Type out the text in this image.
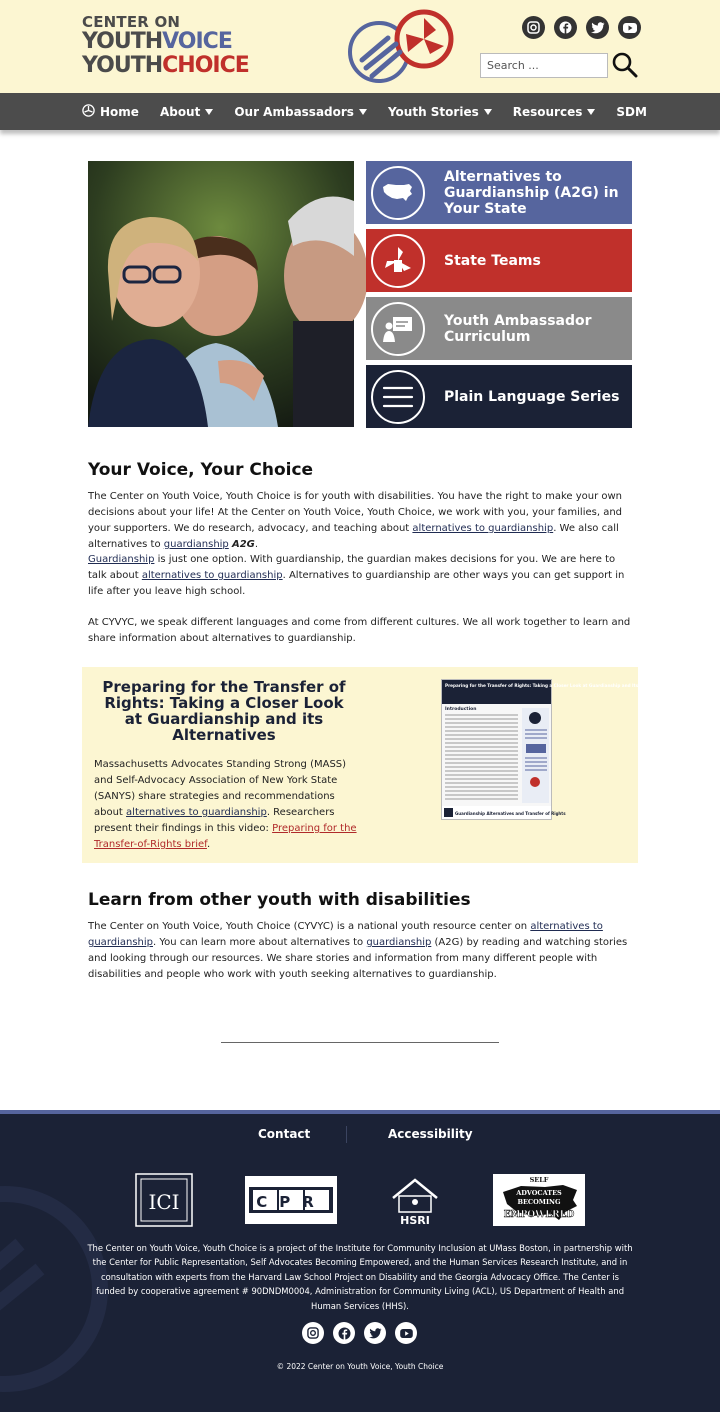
CENTER ON
YOUTHVOICE
YOUTHCHOICE
Search ...
Home About	Our Ambassadors	Youth Stories	Resources	SDM
Alternatives to Guardianship (A2G) in Your State
State Teams
Youth Ambassador Curriculum
Plain Language Series
Your Voice, Your Choice

The Center on Youth Voice, Youth Choice is for youth with disabilities. You have the right to make your own decisions about your life! At the Center on Youth Voice, Youth Choice, we work with you, your families, and your supporters. We do research, advocacy, and teaching about alternatives to guardianship. We also call alternatives to guardianship A2G.

Guardianship is just one option. With guardianship, the guardian makes decisions for you. We are here to talk about alternatives to guardianship. Alternatives to guardianship are other ways you can get support in life after you leave high school.

At CYVYC, we speak different languages and come from different cultures. We all work together to learn and share information about alternatives to guardianship.

Preparing for the Transfer of Rights: Taking a Closer Look at Guardianship and its Alternatives

Massachusetts Advocates Standing Strong (MASS) and Self-Advocacy Association of New York State (SANYS) share strategies and recommendations about alternatives to guardianship. Researchers present their findings in this video: Preparing for the Transfer-of-Rights brief.

Preparing for the Transfer of Rights: Taking a Closer Look at Guardianship and Its Alternatives
Introduction
Guardianship Alternatives and Transfer of Rights
Learn from other youth with disabilities

The Center on Youth Voice, Youth Choice (CYVYC) is a national youth resource center on alternatives to guardianship. You can learn more about alternatives to guardianship (A2G) by reading and watching stories and looking through our resources. We share stories and information from many different people with disabilities and people who work with youth seeking alternatives to guardianship.

Contact	Accessibility
ICI	CPR
HSRI
SELF
ADVOCATES
BECOMING
EMPOWERED

The Center on Youth Voice, Youth Choice is a project of the Institute for Community Inclusion at UMass Boston, in partnership with the Center for Public Representation, Self Advocates Becoming Empowered, and the Human Services Research Institute, and in consultation with experts from the Harvard Law School Project on Disability and the Georgia Advocacy Office. The Center is funded by cooperative agreement # 90DNDM0004, Administration for Community Living (ACL), US Department of Health and Human Services (HHS).

© 2022 Center on Youth Voice, Youth Choice
